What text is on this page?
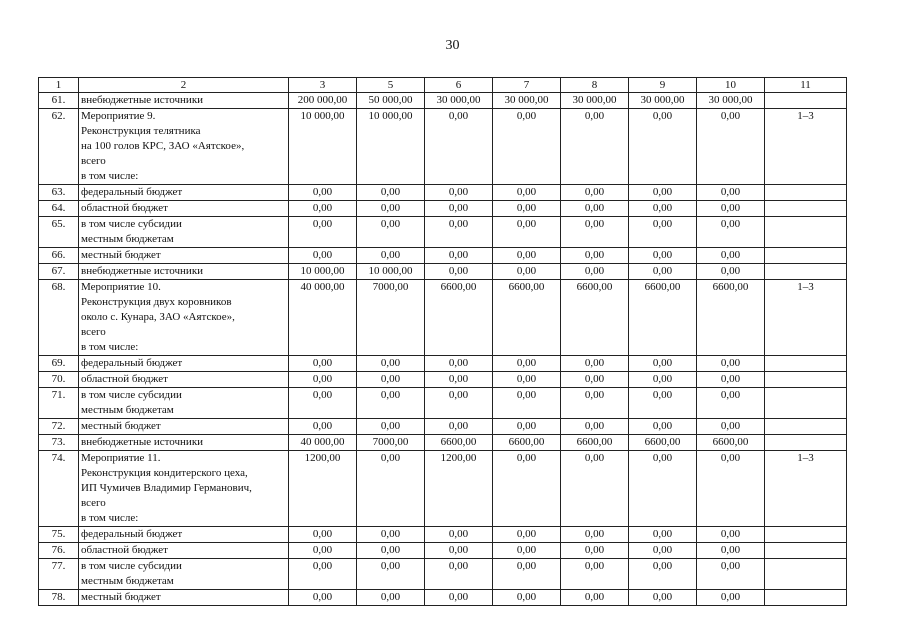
30
1	2	3	5	6	7	8	9	10	11
61.	внебюджетные источники	200 000,00	50 000,00	30 000,00	30 000,00	30 000,00	30 000,00	30 000,00	
62.	Мероприятие 9.
Реконструкция телятника
на 100 голов КРС, ЗАО «Аятское»,
всего
в том числе:	10 000,00	10 000,00	0,00	0,00	0,00	0,00	0,00	1–3
63.	федеральный бюджет	0,00	0,00	0,00	0,00	0,00	0,00	0,00	
64.	областной бюджет	0,00	0,00	0,00	0,00	0,00	0,00	0,00	
65.	в том числе субсидии
местным бюджетам	0,00	0,00	0,00	0,00	0,00	0,00	0,00	
66.	местный бюджет	0,00	0,00	0,00	0,00	0,00	0,00	0,00	
67.	внебюджетные источники	10 000,00	10 000,00	0,00	0,00	0,00	0,00	0,00	
68.	Мероприятие 10.
Реконструкция двух коровников
около с. Кунара, ЗАО «Аятское»,
всего
в том числе:	40 000,00	7000,00	6600,00	6600,00	6600,00	6600,00	6600,00	1–3
69.	федеральный бюджет	0,00	0,00	0,00	0,00	0,00	0,00	0,00	
70.	областной бюджет	0,00	0,00	0,00	0,00	0,00	0,00	0,00	
71.	в том числе субсидии
местным бюджетам	0,00	0,00	0,00	0,00	0,00	0,00	0,00	
72.	местный бюджет	0,00	0,00	0,00	0,00	0,00	0,00	0,00	
73.	внебюджетные источники	40 000,00	7000,00	6600,00	6600,00	6600,00	6600,00	6600,00	
74.	Мероприятие 11.
Реконструкция кондитерского цеха,
ИП Чумичев Владимир Германович,
всего
в том числе:	1200,00	0,00	1200,00	0,00	0,00	0,00	0,00	1–3
75.	федеральный бюджет	0,00	0,00	0,00	0,00	0,00	0,00	0,00	
76.	областной бюджет	0,00	0,00	0,00	0,00	0,00	0,00	0,00	
77.	в том числе субсидии
местным бюджетам	0,00	0,00	0,00	0,00	0,00	0,00	0,00	
78.	местный бюджет	0,00	0,00	0,00	0,00	0,00	0,00	0,00	
